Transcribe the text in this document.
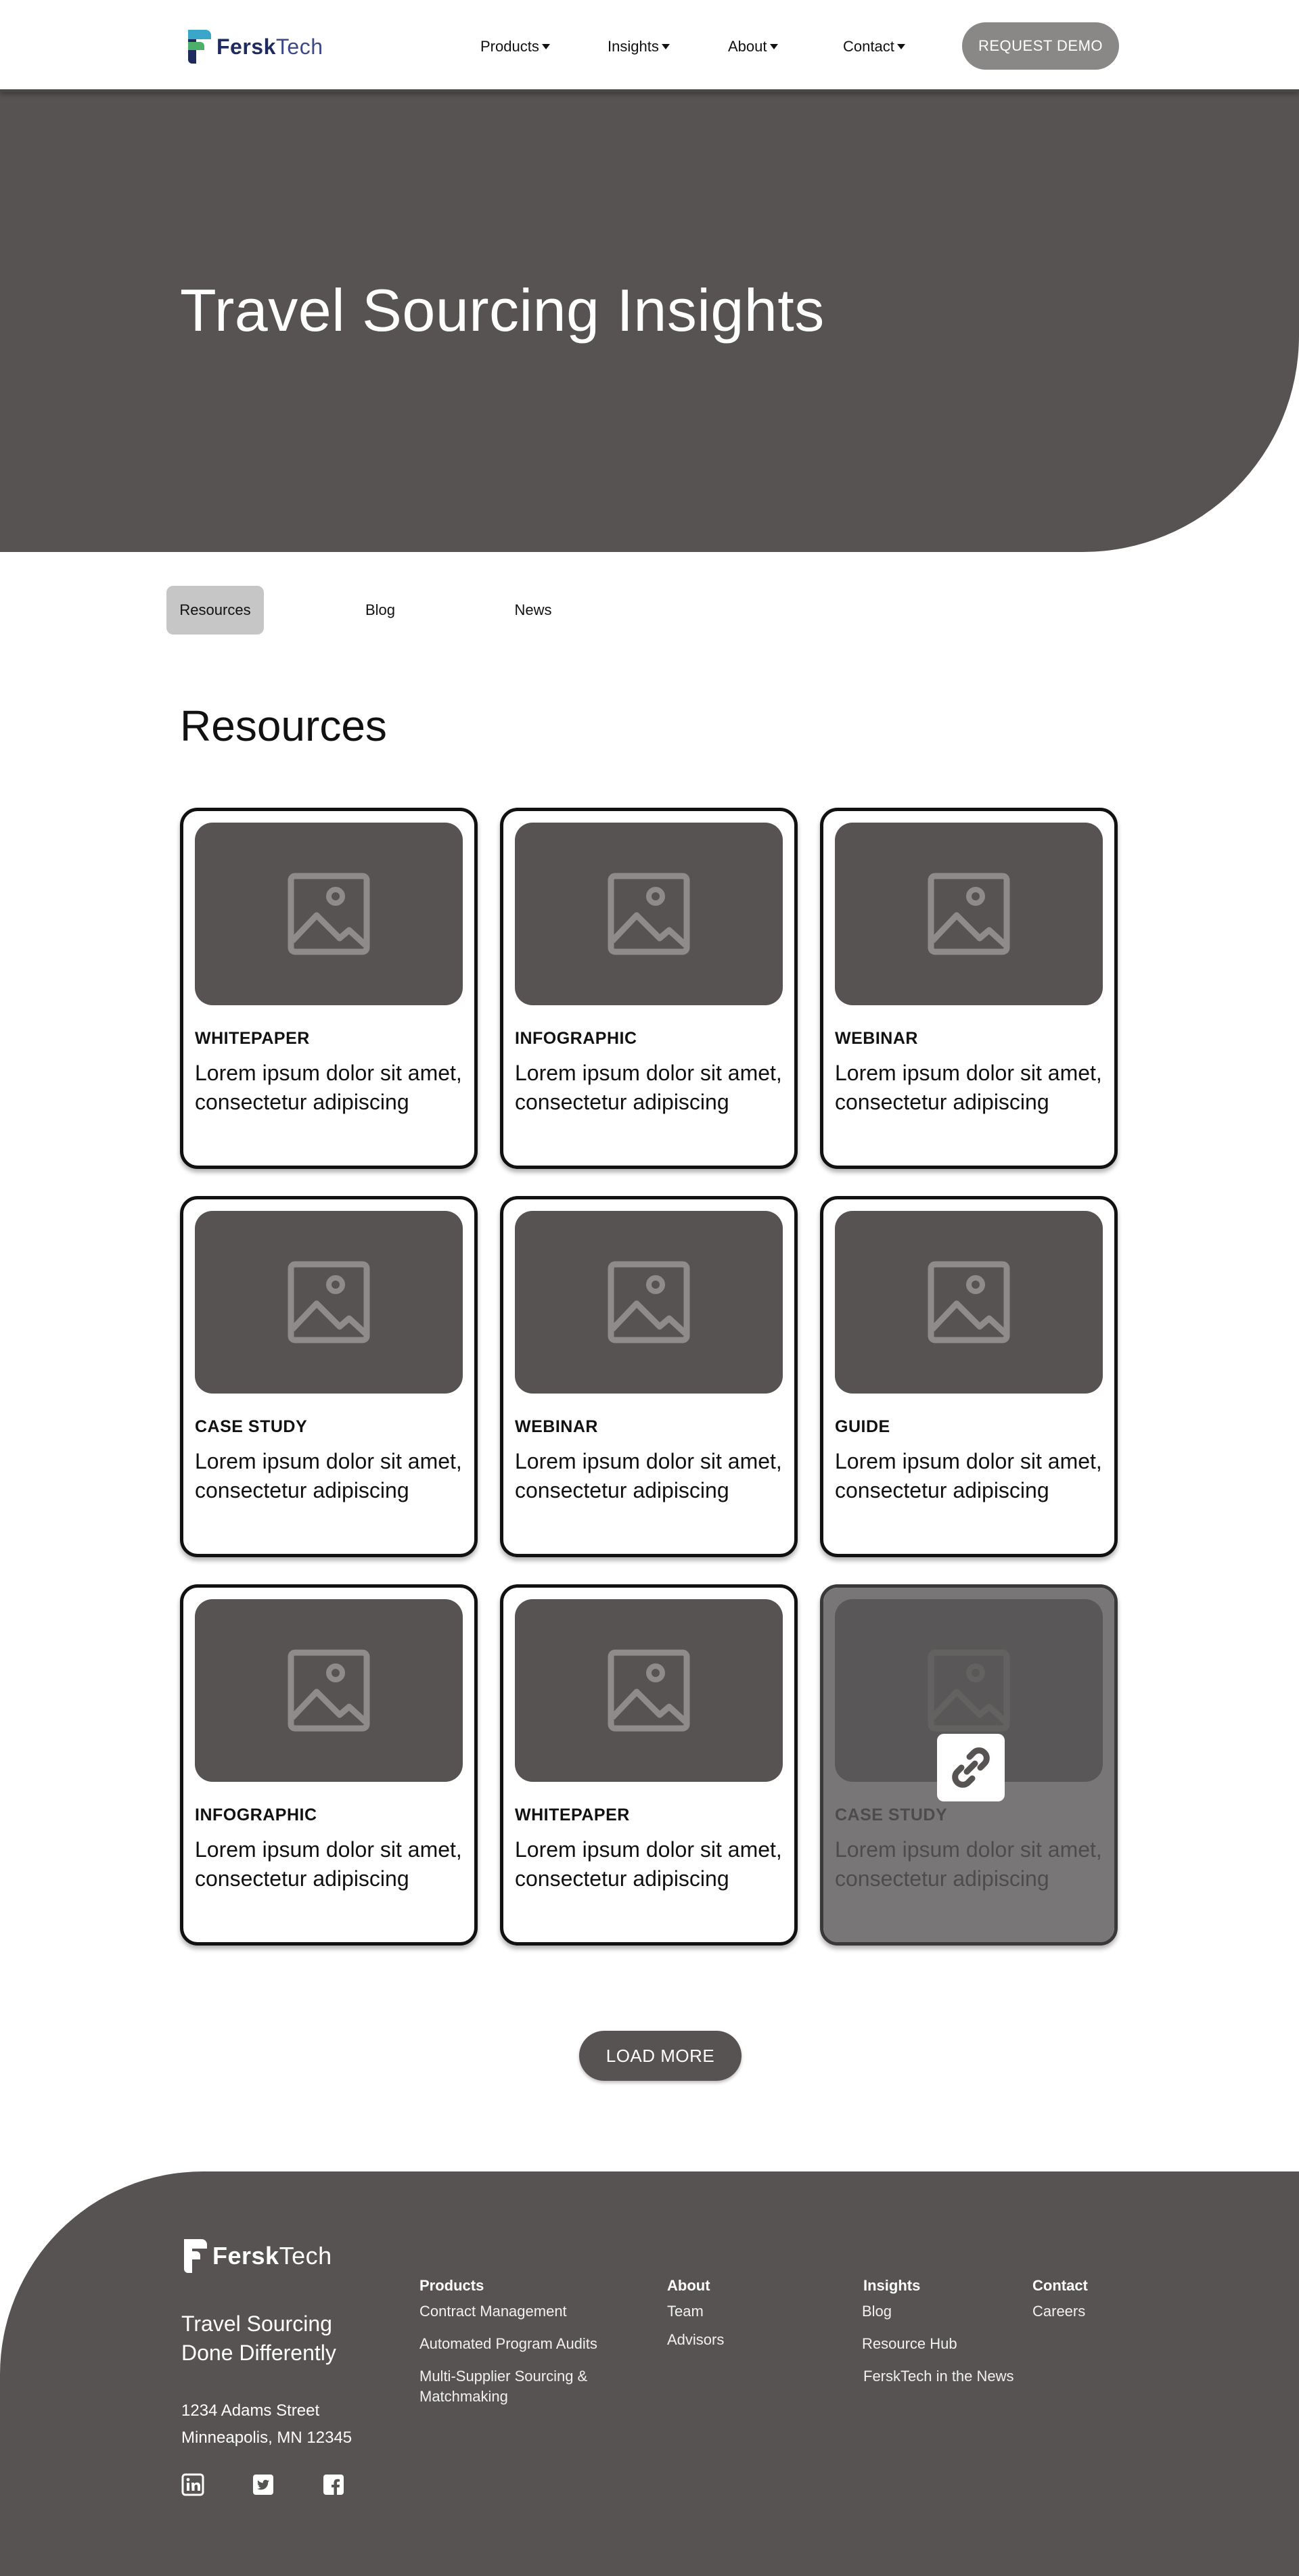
FerskTech	Products	Insights	About	Contact	REQUEST DEMO
Travel Sourcing Insights
Resources	Blog	News
Resources
WHITEPAPER
Lorem ipsum dolor sit amet, consectetur adipiscing
INFOGRAPHIC
Lorem ipsum dolor sit amet, consectetur adipiscing
WEBINAR
Lorem ipsum dolor sit amet, consectetur adipiscing
CASE STUDY
Lorem ipsum dolor sit amet, consectetur adipiscing
WEBINAR
Lorem ipsum dolor sit amet, consectetur adipiscing
GUIDE
Lorem ipsum dolor sit amet, consectetur adipiscing
INFOGRAPHIC
Lorem ipsum dolor sit amet, consectetur adipiscing
WHITEPAPER
Lorem ipsum dolor sit amet, consectetur adipiscing
LOAD MORE
FerskTech
Travel Sourcing Done Differently
1234 Adams Street
Minneapolis, MN 12345
Products
Contract Management
Automated Program Audits
Multi-Supplier Sourcing & Matchmaking
About
Team
Advisors
Insights
Blog
Resource Hub
FerskTech in the News
Contact
Careers
